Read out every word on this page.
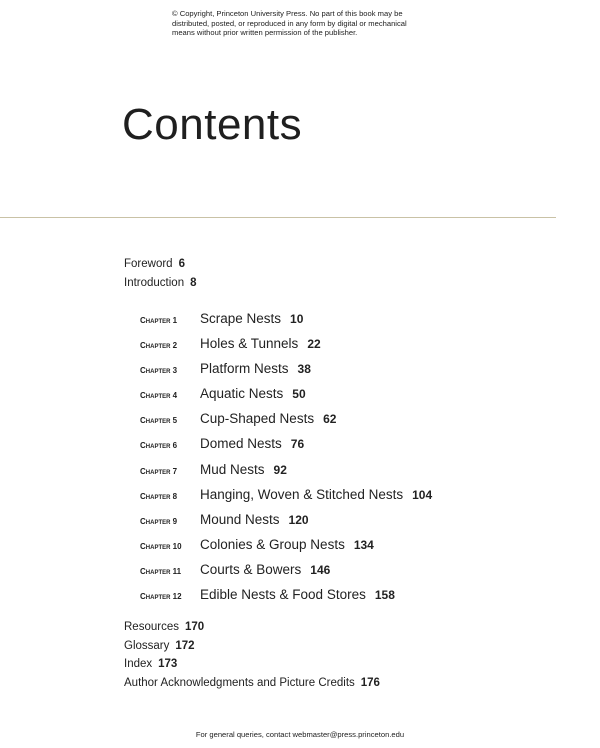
© Copyright, Princeton University Press. No part of this book may be
distributed, posted, or reproduced in any form by digital or mechanical
means without prior written permission of the publisher.
Contents
Foreword 6
Introduction 8
Chapter 1	Scrape Nests 10
Chapter 2	Holes & Tunnels 22
Chapter 3	Platform Nests 38
Chapter 4	Aquatic Nests 50
Chapter 5	Cup-Shaped Nests 62
Chapter 6	Domed Nests 76
Chapter 7	Mud Nests 92
Chapter 8	Hanging, Woven & Stitched Nests 104
Chapter 9	Mound Nests 120
Chapter 10	Colonies & Group Nests 134
Chapter 11	Courts & Bowers 146
Chapter 12	Edible Nests & Food Stores 158
Resources 170
Glossary 172
Index 173
Author Acknowledgments and Picture Credits 176
For general queries, contact webmaster@press.princeton.edu
